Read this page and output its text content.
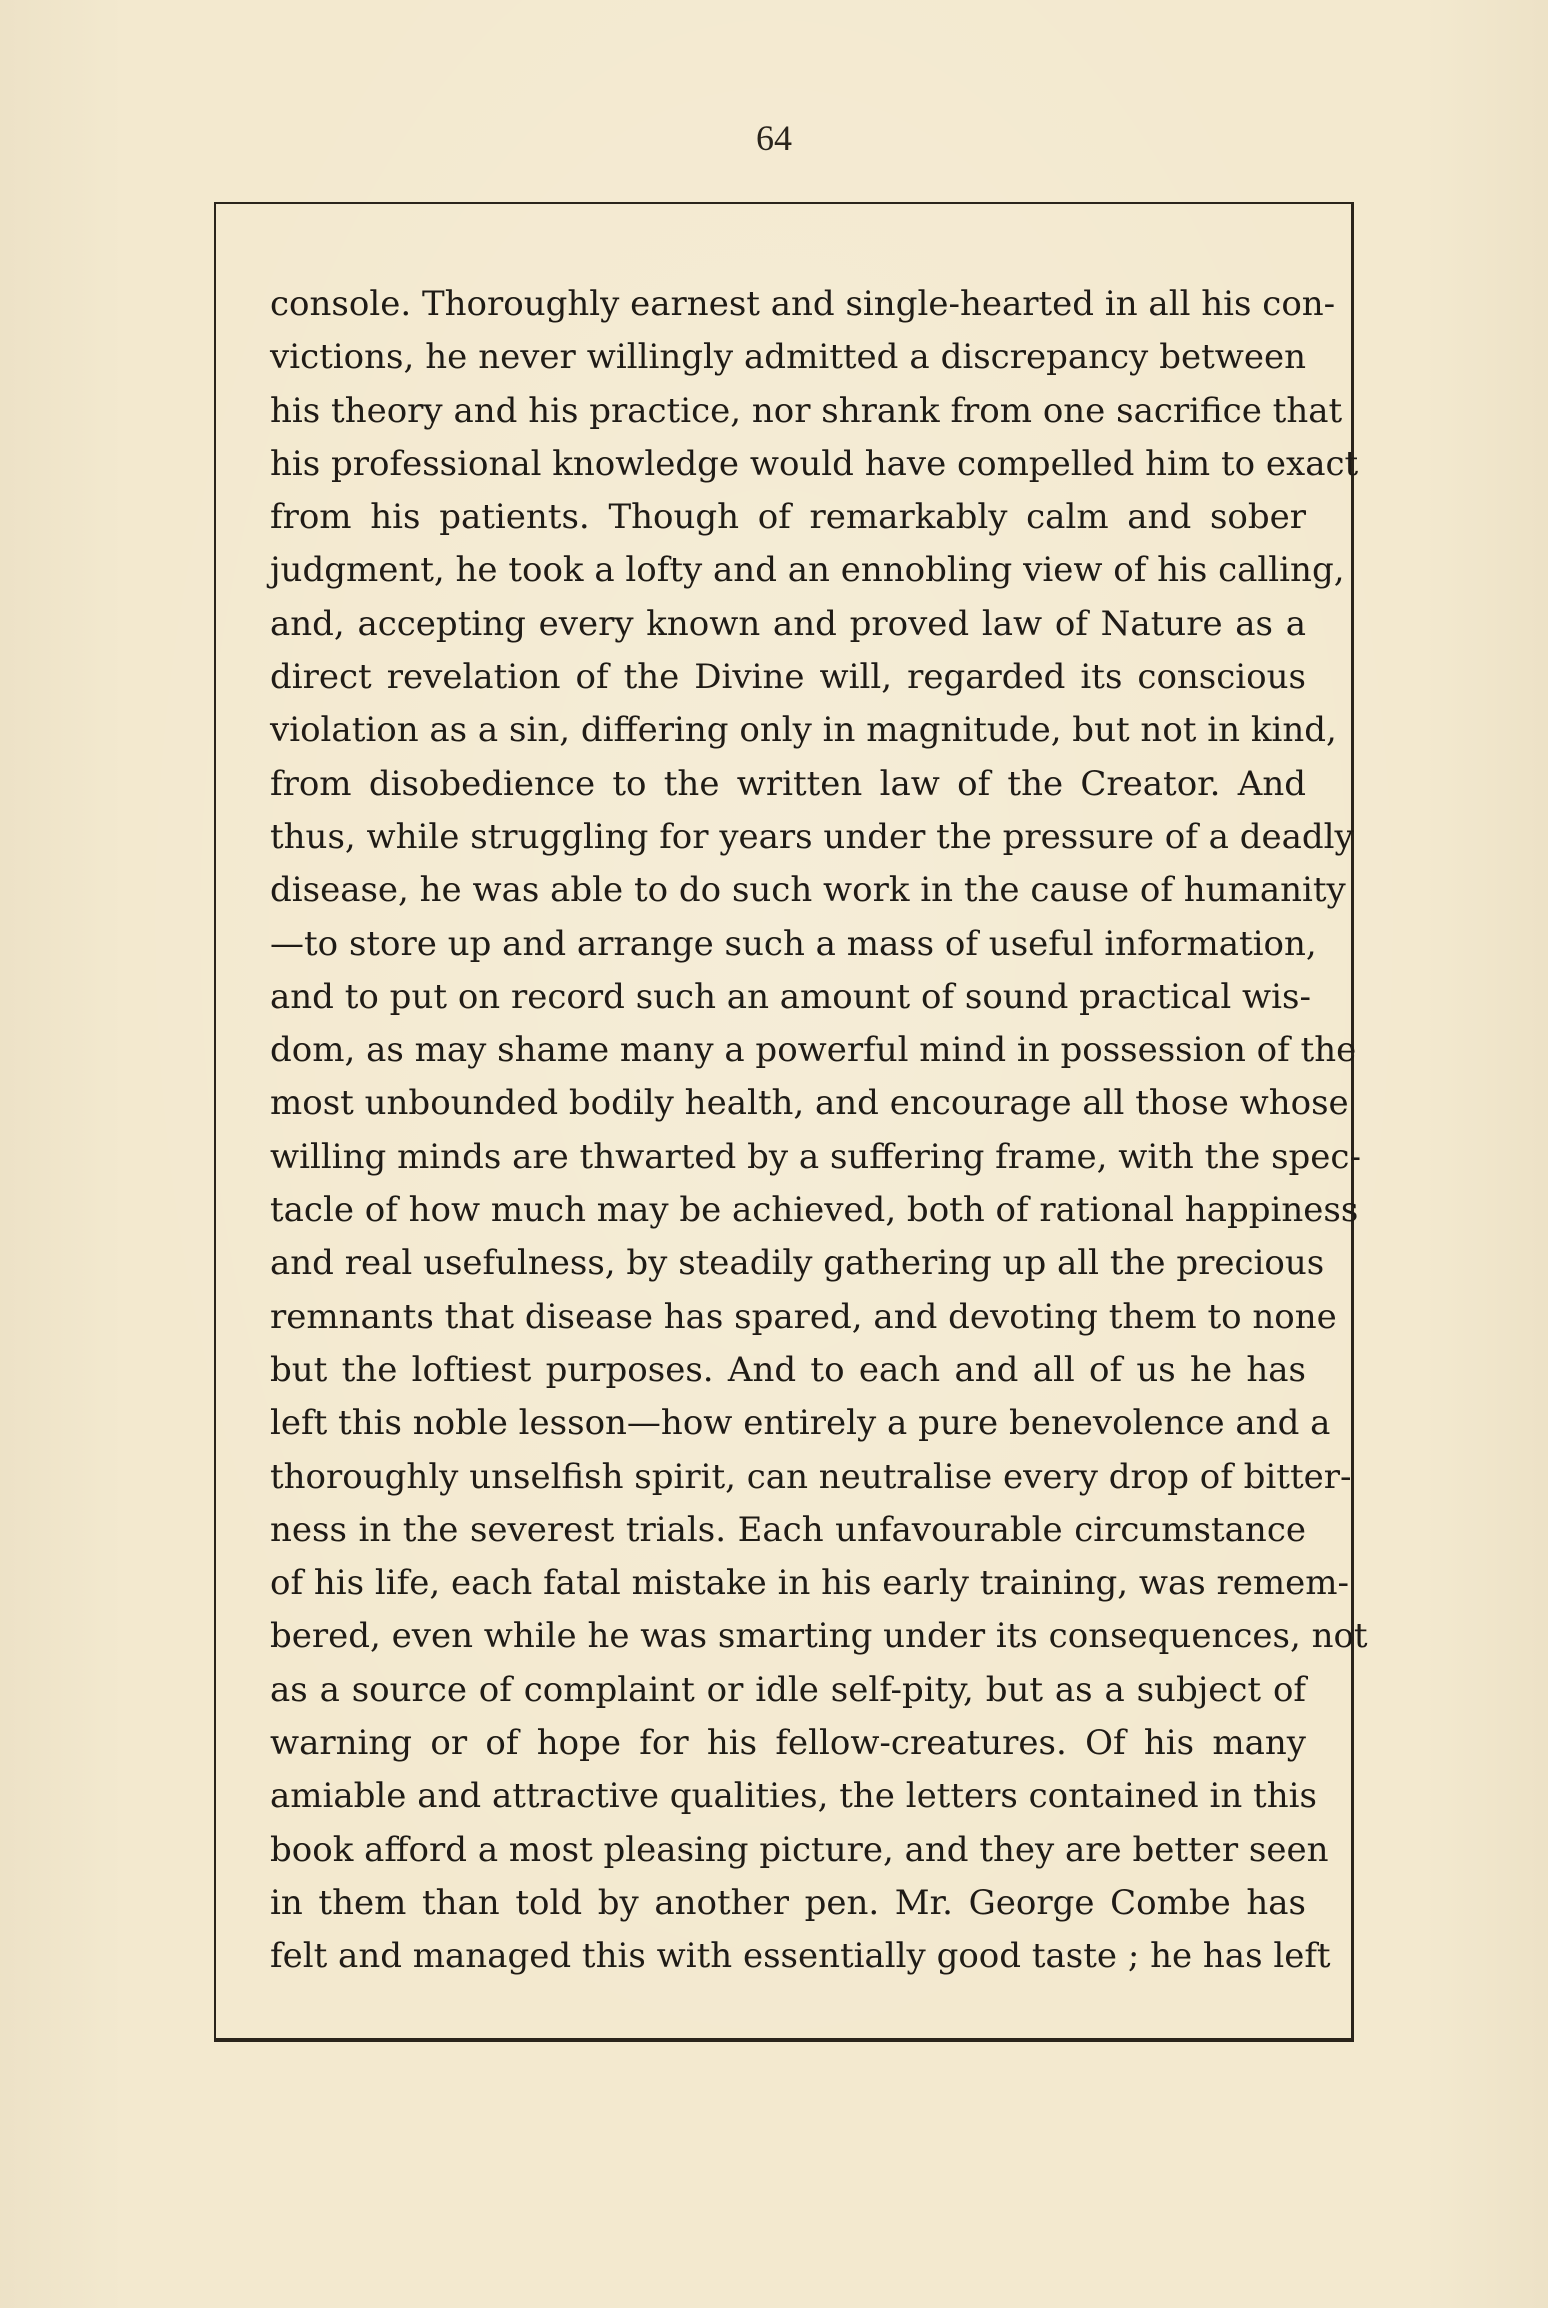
64
console. Thoroughly earnest and single-hearted in all his con-
victions, he never willingly admitted a discrepancy between
his theory and his practice, nor shrank from one sacrifice that
his professional knowledge would have compelled him to exact
from his patients. Though of remarkably calm and sober
judgment, he took a lofty and an ennobling view of his calling,
and, accepting every known and proved law of Nature as a
direct revelation of the Divine will, regarded its conscious
violation as a sin, differing only in magnitude, but not in kind,
from disobedience to the written law of the Creator. And
thus, while struggling for years under the pressure of a deadly
disease, he was able to do such work in the cause of humanity
—to store up and arrange such a mass of useful information,
and to put on record such an amount of sound practical wis-
dom, as may shame many a powerful mind in possession of the
most unbounded bodily health, and encourage all those whose
willing minds are thwarted by a suffering frame, with the spec-
tacle of how much may be achieved, both of rational happiness
and real usefulness, by steadily gathering up all the precious
remnants that disease has spared, and devoting them to none
but the loftiest purposes. And to each and all of us he has
left this noble lesson—how entirely a pure benevolence and a
thoroughly unselfish spirit, can neutralise every drop of bitter-
ness in the severest trials. Each unfavourable circumstance
of his life, each fatal mistake in his early training, was remem-
bered, even while he was smarting under its consequences, not
as a source of complaint or idle self-pity, but as a subject of
warning or of hope for his fellow-creatures. Of his many
amiable and attractive qualities, the letters contained in this
book afford a most pleasing picture, and they are better seen
in them than told by another pen. Mr. George Combe has
felt and managed this with essentially good taste ; he has left
